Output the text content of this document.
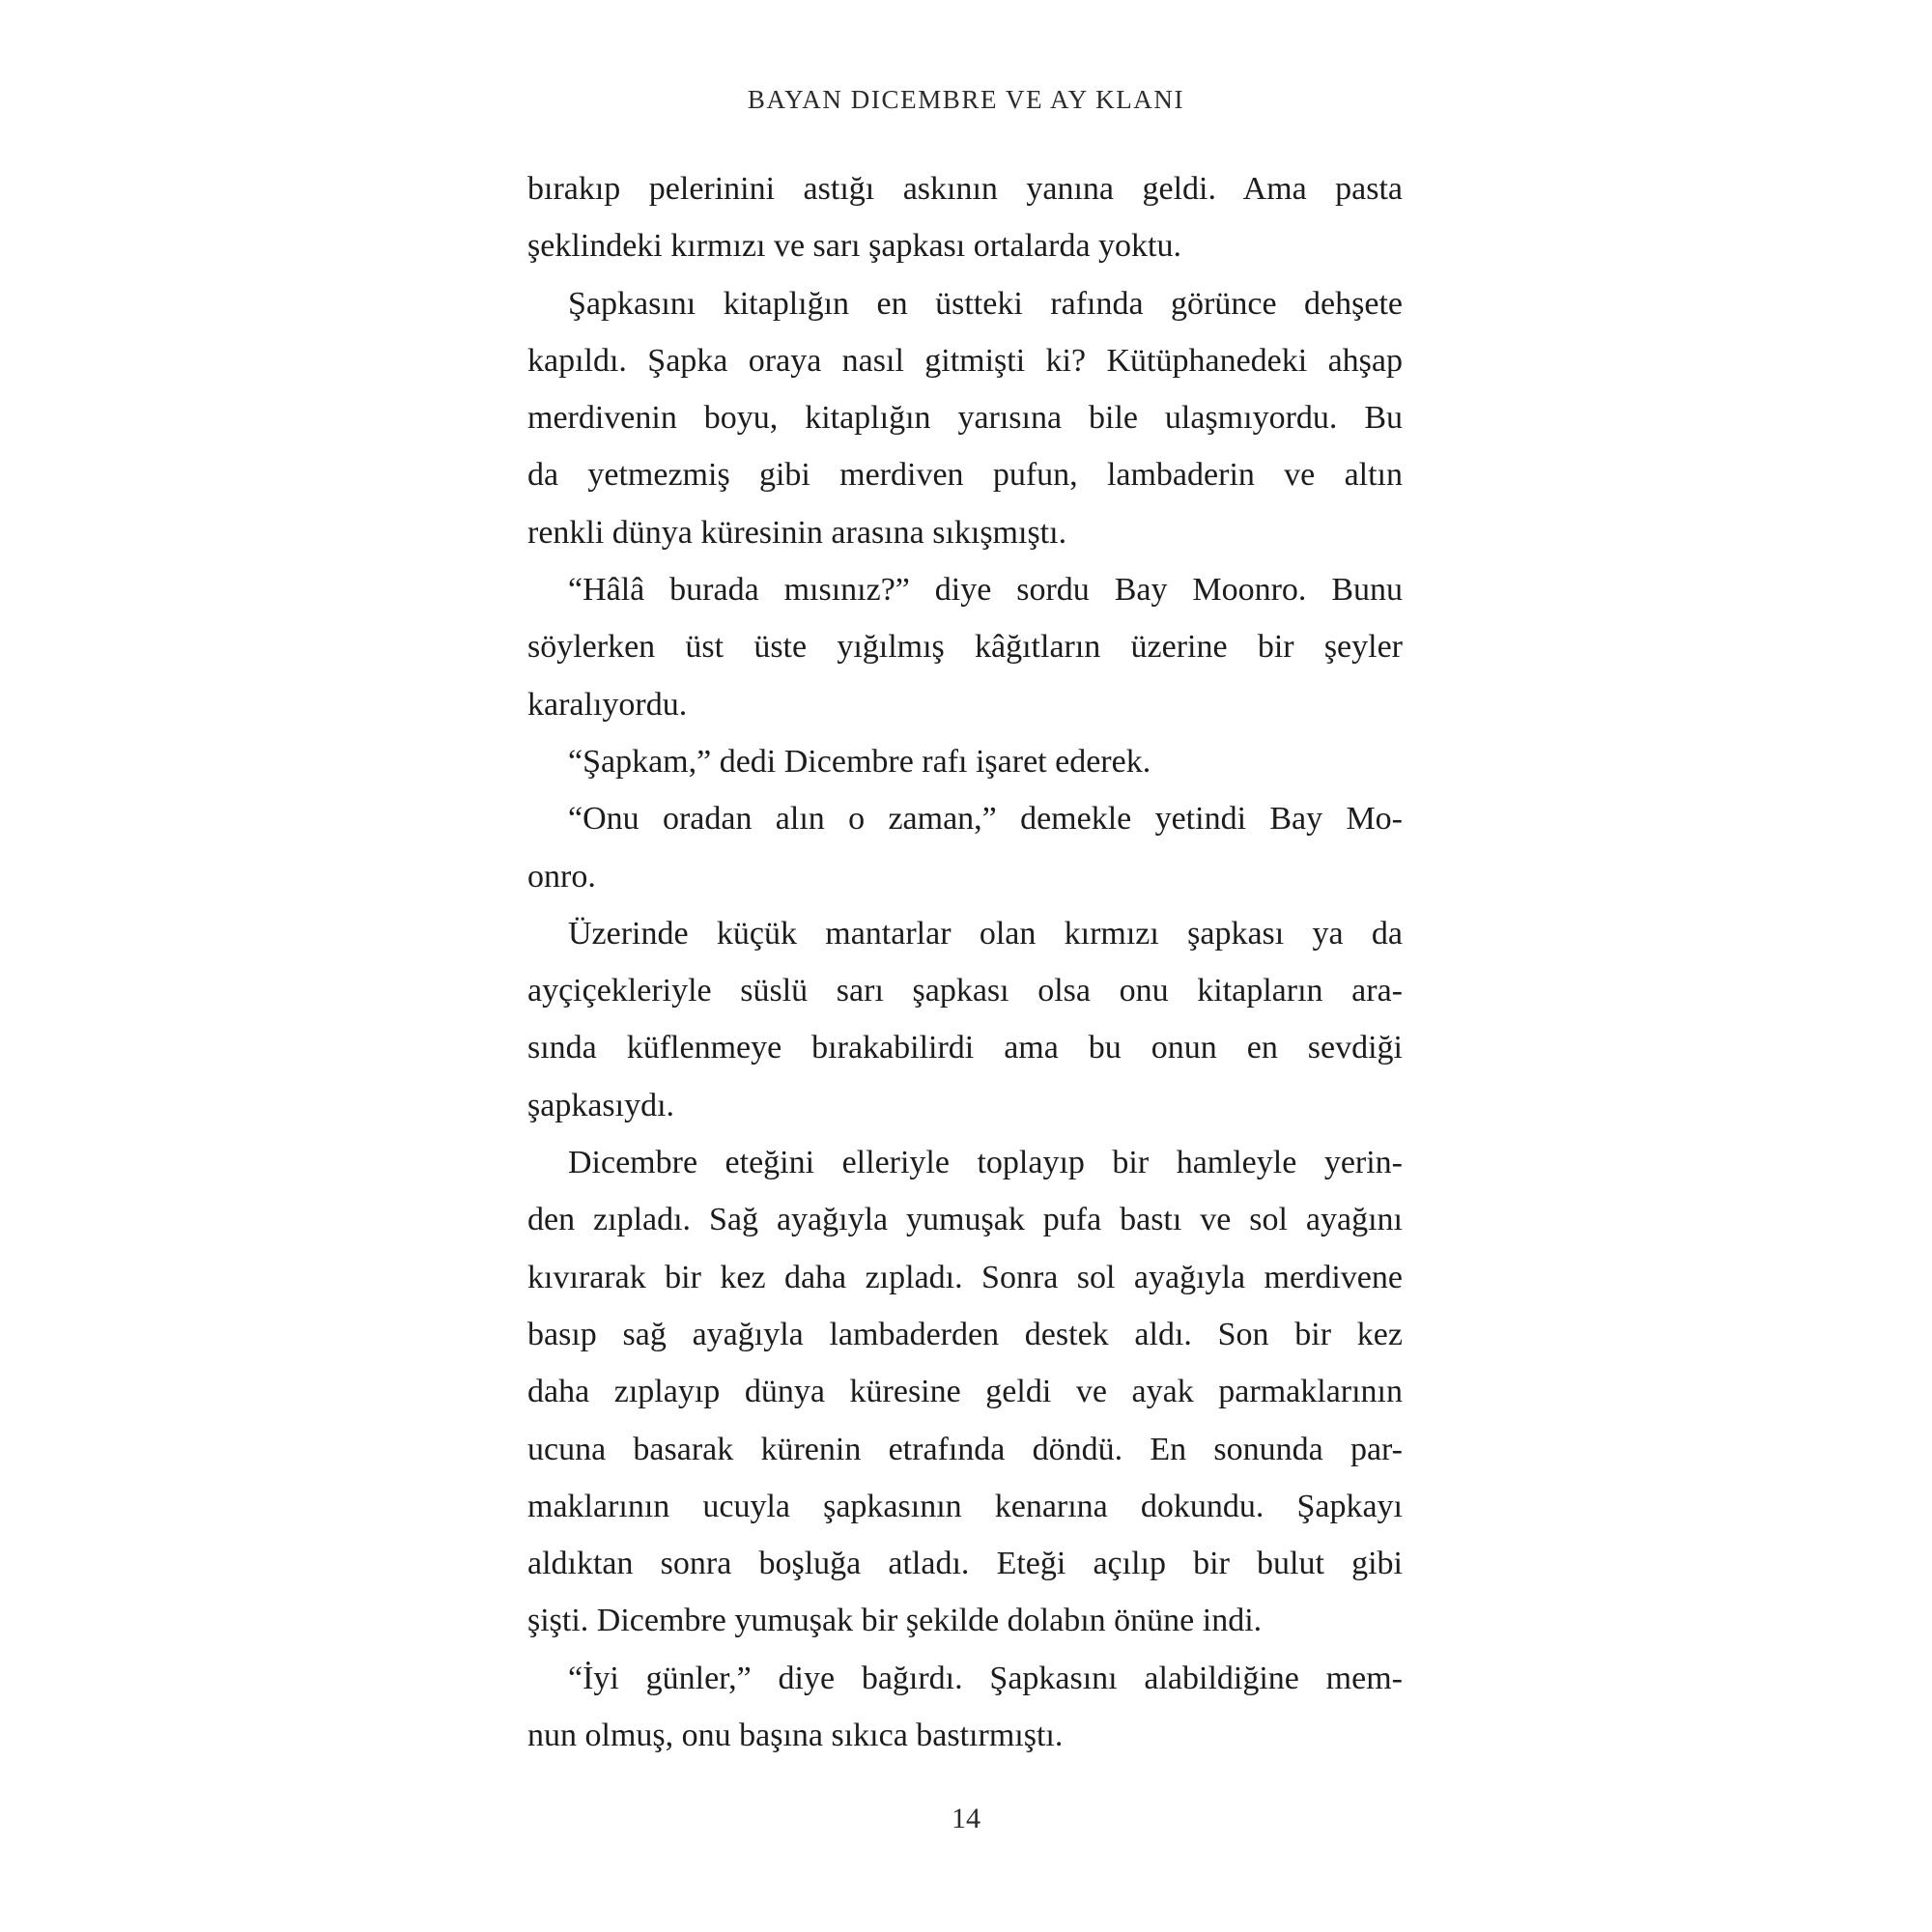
BAYAN DICEMBRE VE AY KLANI
bırakıp pelerinini astığı askının yanına geldi. Ama pasta
şeklindeki kırmızı ve sarı şapkası ortalarda yoktu.
Şapkasını kitaplığın en üstteki rafında görünce dehşete
kapıldı. Şapka oraya nasıl gitmişti ki? Kütüphanedeki ahşap
merdivenin boyu, kitaplığın yarısına bile ulaşmıyordu. Bu
da yetmezmiş gibi merdiven pufun, lambaderin ve altın
renkli dünya küresinin arasına sıkışmıştı.
“Hâlâ burada mısınız?” diye sordu Bay Moonro. Bunu
söylerken üst üste yığılmış kâğıtların üzerine bir şeyler
karalıyordu.
“Şapkam,” dedi Dicembre rafı işaret ederek.
“Onu oradan alın o zaman,” demekle yetindi Bay Mo-
onro.
Üzerinde küçük mantarlar olan kırmızı şapkası ya da
ayçiçekleriyle süslü sarı şapkası olsa onu kitapların ara-
sında küflenmeye bırakabilirdi ama bu onun en sevdiği
şapkasıydı.
Dicembre eteğini elleriyle toplayıp bir hamleyle yerin-
den zıpladı. Sağ ayağıyla yumuşak pufa bastı ve sol ayağını
kıvırarak bir kez daha zıpladı. Sonra sol ayağıyla merdivene
basıp sağ ayağıyla lambaderden destek aldı. Son bir kez
daha zıplayıp dünya küresine geldi ve ayak parmaklarının
ucuna basarak kürenin etrafında döndü. En sonunda par-
maklarının ucuyla şapkasının kenarına dokundu. Şapkayı
aldıktan sonra boşluğa atladı. Eteği açılıp bir bulut gibi
şişti. Dicembre yumuşak bir şekilde dolabın önüne indi.
“İyi günler,” diye bağırdı. Şapkasını alabildiğine mem-
nun olmuş, onu başına sıkıca bastırmıştı.
14
